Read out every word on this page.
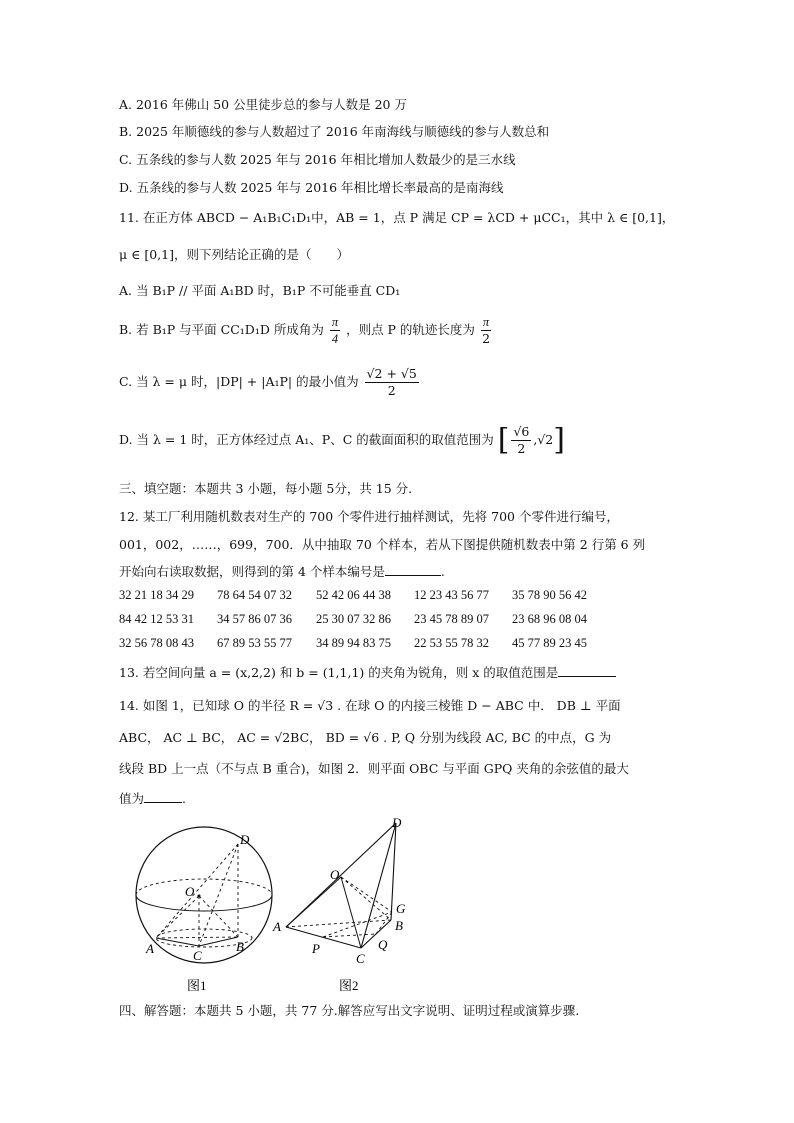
A. 2016 年佛山 50 公里徒步总的参与人数是 20 万
B. 2025 年顺德线的参与人数超过了 2016 年南海线与顺德线的参与人数总和
C. 五条线的参与人数 2025 年与 2016 年相比增加人数最少的是三水线
D. 五条线的参与人数 2025 年与 2016 年相比增长率最高的是南海线
11. 在正方体 ABCD − A₁B₁C₁D₁中，AB = 1，点 P 满足 CP = λCD + μCC₁，其中 λ ∈ [0,1]，
μ ∈ [0,1]，则下列结论正确的是（　　）
A. 当 B₁P // 平面 A₁BD 时，B₁P 不可能垂直 CD₁
B. 若 B₁P 与平面 CC₁D₁D 所成角为 $\frac{\pi}{4}$ ，则点 P 的轨迹长度为 $\frac{\pi}{2}$
C. 当 λ = μ 时，|DP| + |A₁P| 的最小值为 $\frac{√2 + √5}{2}$
D. 当 λ = 1 时，正方体经过点 A₁、P、C 的截面面积的取值范围为 [ $\frac{√6}{2} ,√2$]
三、填空题：本题共 3 小题，每小题 5分，共 15 分.
12. 某工厂利用随机数表对生产的 700 个零件进行抽样测试，先将 700 个零件进行编号，
001，002，……，699，700．从中抽取 70 个样本，若从下图提供随机数表中第 2 行第 6 列
开始向右读取数据，则得到的第 4 个样本编号是	.
32 21 18 34 29 78 64 54 07 32 52 42 06 44 38 12 23 43 56 77 35 78 90 56 42
84 42 12 53 31 34 57 86 07 36 25 30 07 32 86 23 45 78 89 07 23 68 96 08 04
32 56 78 08 43 67 89 53 55 77 34 89 94 83 75 22 53 55 78 32 45 77 89 23 45
13. 若空间向量 a = (x,2,2) 和 b = (1,1,1) 的夹角为锐角，则 x 的取值范围是
14. 如图 1，已知球 O 的半径 R = √3 . 在球 O 的内接三棱锥 D − ABC 中． DB ⊥ 平面
ABC， AC ⊥ BC， AC = √2BC， BD = √6 . P, Q 分别为线段 AC, BC 的中点，G 为
线段 BD 上一点（不与点 B 重合)，如图 2．则平面 OBC 与平面 GPQ 夹角的余弦值的最大
值为	.
D
O
A	B
C
图1
D
O
A
G
B
P	Q
C
图2
四、解答题：本题共 5 小题，共 77 分.解答应写出文字说明、证明过程或演算步骤.
